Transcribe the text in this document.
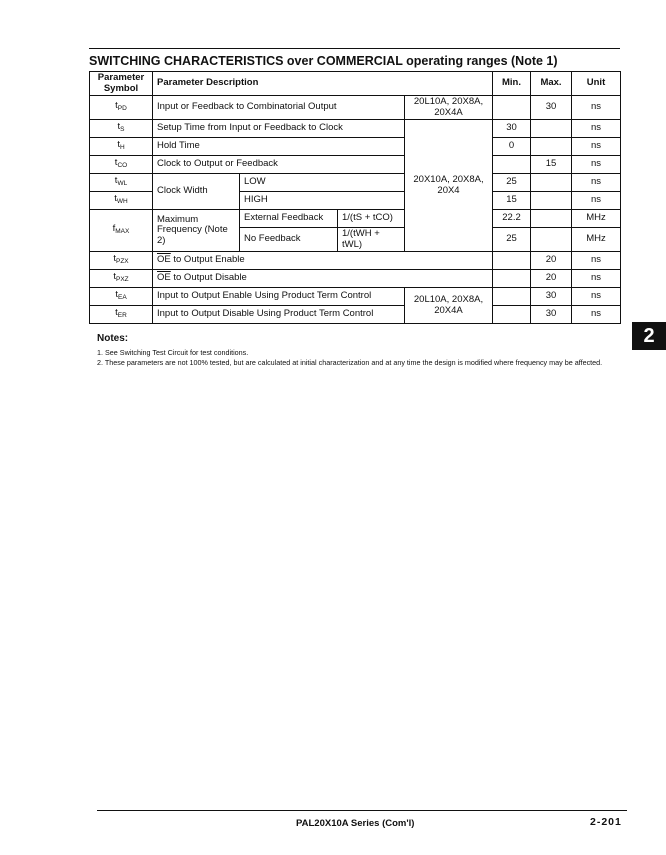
SWITCHING CHARACTERISTICS over COMMERCIAL operating ranges (Note 1)
Parameter
Symbol	Parameter Description				Min.	Max.	Unit
$t_{PD}$	Input or Feedback to Combinatorial Output			20L10A, 20X8A, 20X4A		30	ns
$t_S$	Setup Time from Input or Feedback to Clock			20X10A, 20X8A,
20X4	30		ns
$t_H$	Hold Time				0		ns
$t_{CO}$	Clock to Output or Feedback					15	ns
$t_{WL}$	Clock Width	LOW			25		ns
$t_{WH}$		HIGH			15		ns
$f_{MAX}$	Maximum Frequency (Note 2)	External Feedback	1/(tS + tCO)		22.2		MHz
		No Feedback	1/(tWH + tWL)		25		MHz
$t_{PZX}$	$\overline{OE}$ to Output Enable					20	ns
$t_{PXZ}$	$\overline{OE}$ to Output Disable					20	ns
$t_{EA}$	Input to Output Enable Using Product Term Control			20L10A, 20X8A,
20X4A		30	ns
$t_{ER}$	Input to Output Disable Using Product Term Control					30	ns
Notes:
1. See Switching Test Circuit for test conditions.
2. These parameters are not 100% tested, but are calculated at initial characterization and at any time the design is modified where frequency may be affected.
2
PAL20X10A Series (Com'l)	2-201
